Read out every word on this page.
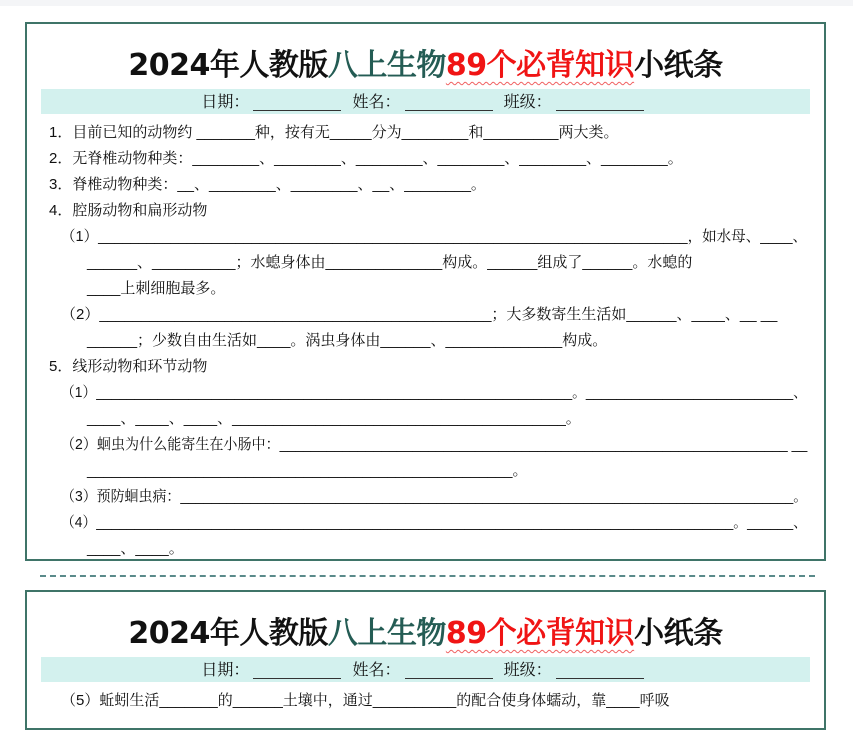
2024年人教版八上生物89个必背知识小纸条
日期：	姓名：	班级：
1．目前已知的动物约 _______种，按有无_____分为________和_________两大类。
2．无脊椎动物种类：________、________、________、________、________、________。
3．脊椎动物种类：__、________、________、__、________。
4．腔肠动物和扁形动物
（1）_________________________________________________________________________，如水母、____、
______、__________；水螅身体由______________构成。______组成了______。水螅的
____上刺细胞最多。
（2）_______________________________________________；大多数寄生生活如______、____、__ __
______；少数自由生活如____。涡虫身体由______、______________构成。
5．线形动物和环节动物
（1）______________________________________________________________。___________________________、
____、____、____、________________________________________。
（2）蛔虫为什么能寄生在小肠中：_________________________________________________________________ __
___________________________________________________。
（3）预防蛔虫病：_______________________________________________________________________________。
（4）___________________________________________________________________________________。______、
____、____。
2024年人教版八上生物89个必背知识小纸条
日期：	姓名：	班级：
（5）蚯蚓生活_______的______土壤中，通过__________的配合使身体蠕动，靠____呼吸
